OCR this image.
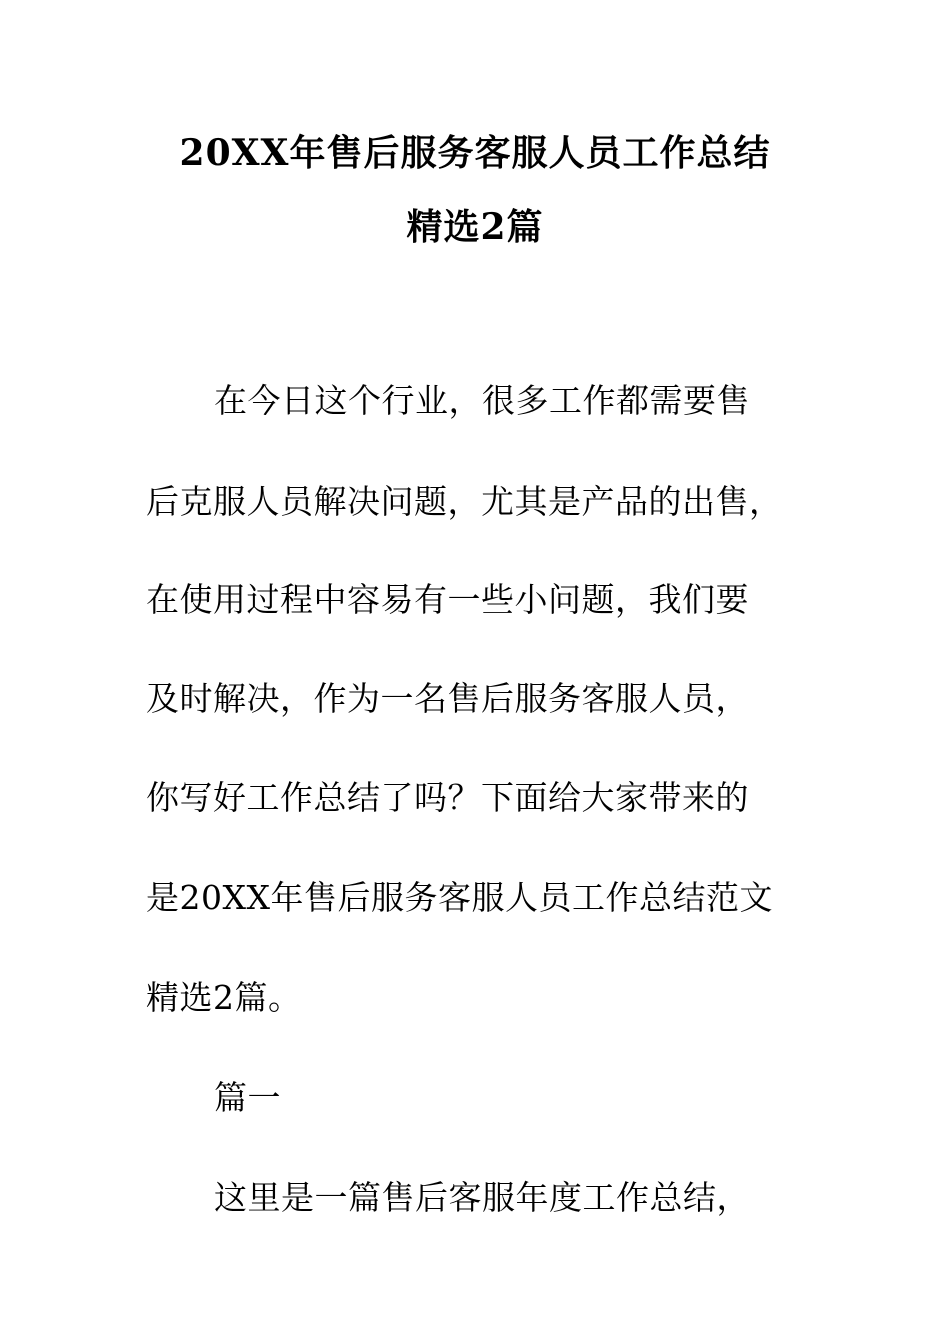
20XX年售后服务客服人员工作总结
精选2篇
在今日这个行业，很多工作都需要售
后克服人员解决问题，尤其是产品的出售，
在使用过程中容易有一些小问题，我们要
及时解决，作为一名售后服务客服人员，
你写好工作总结了吗？下面给大家带来的
是20XX年售后服务客服人员工作总结范文
精选2篇。
篇一
这里是一篇售后客服年度工作总结，
